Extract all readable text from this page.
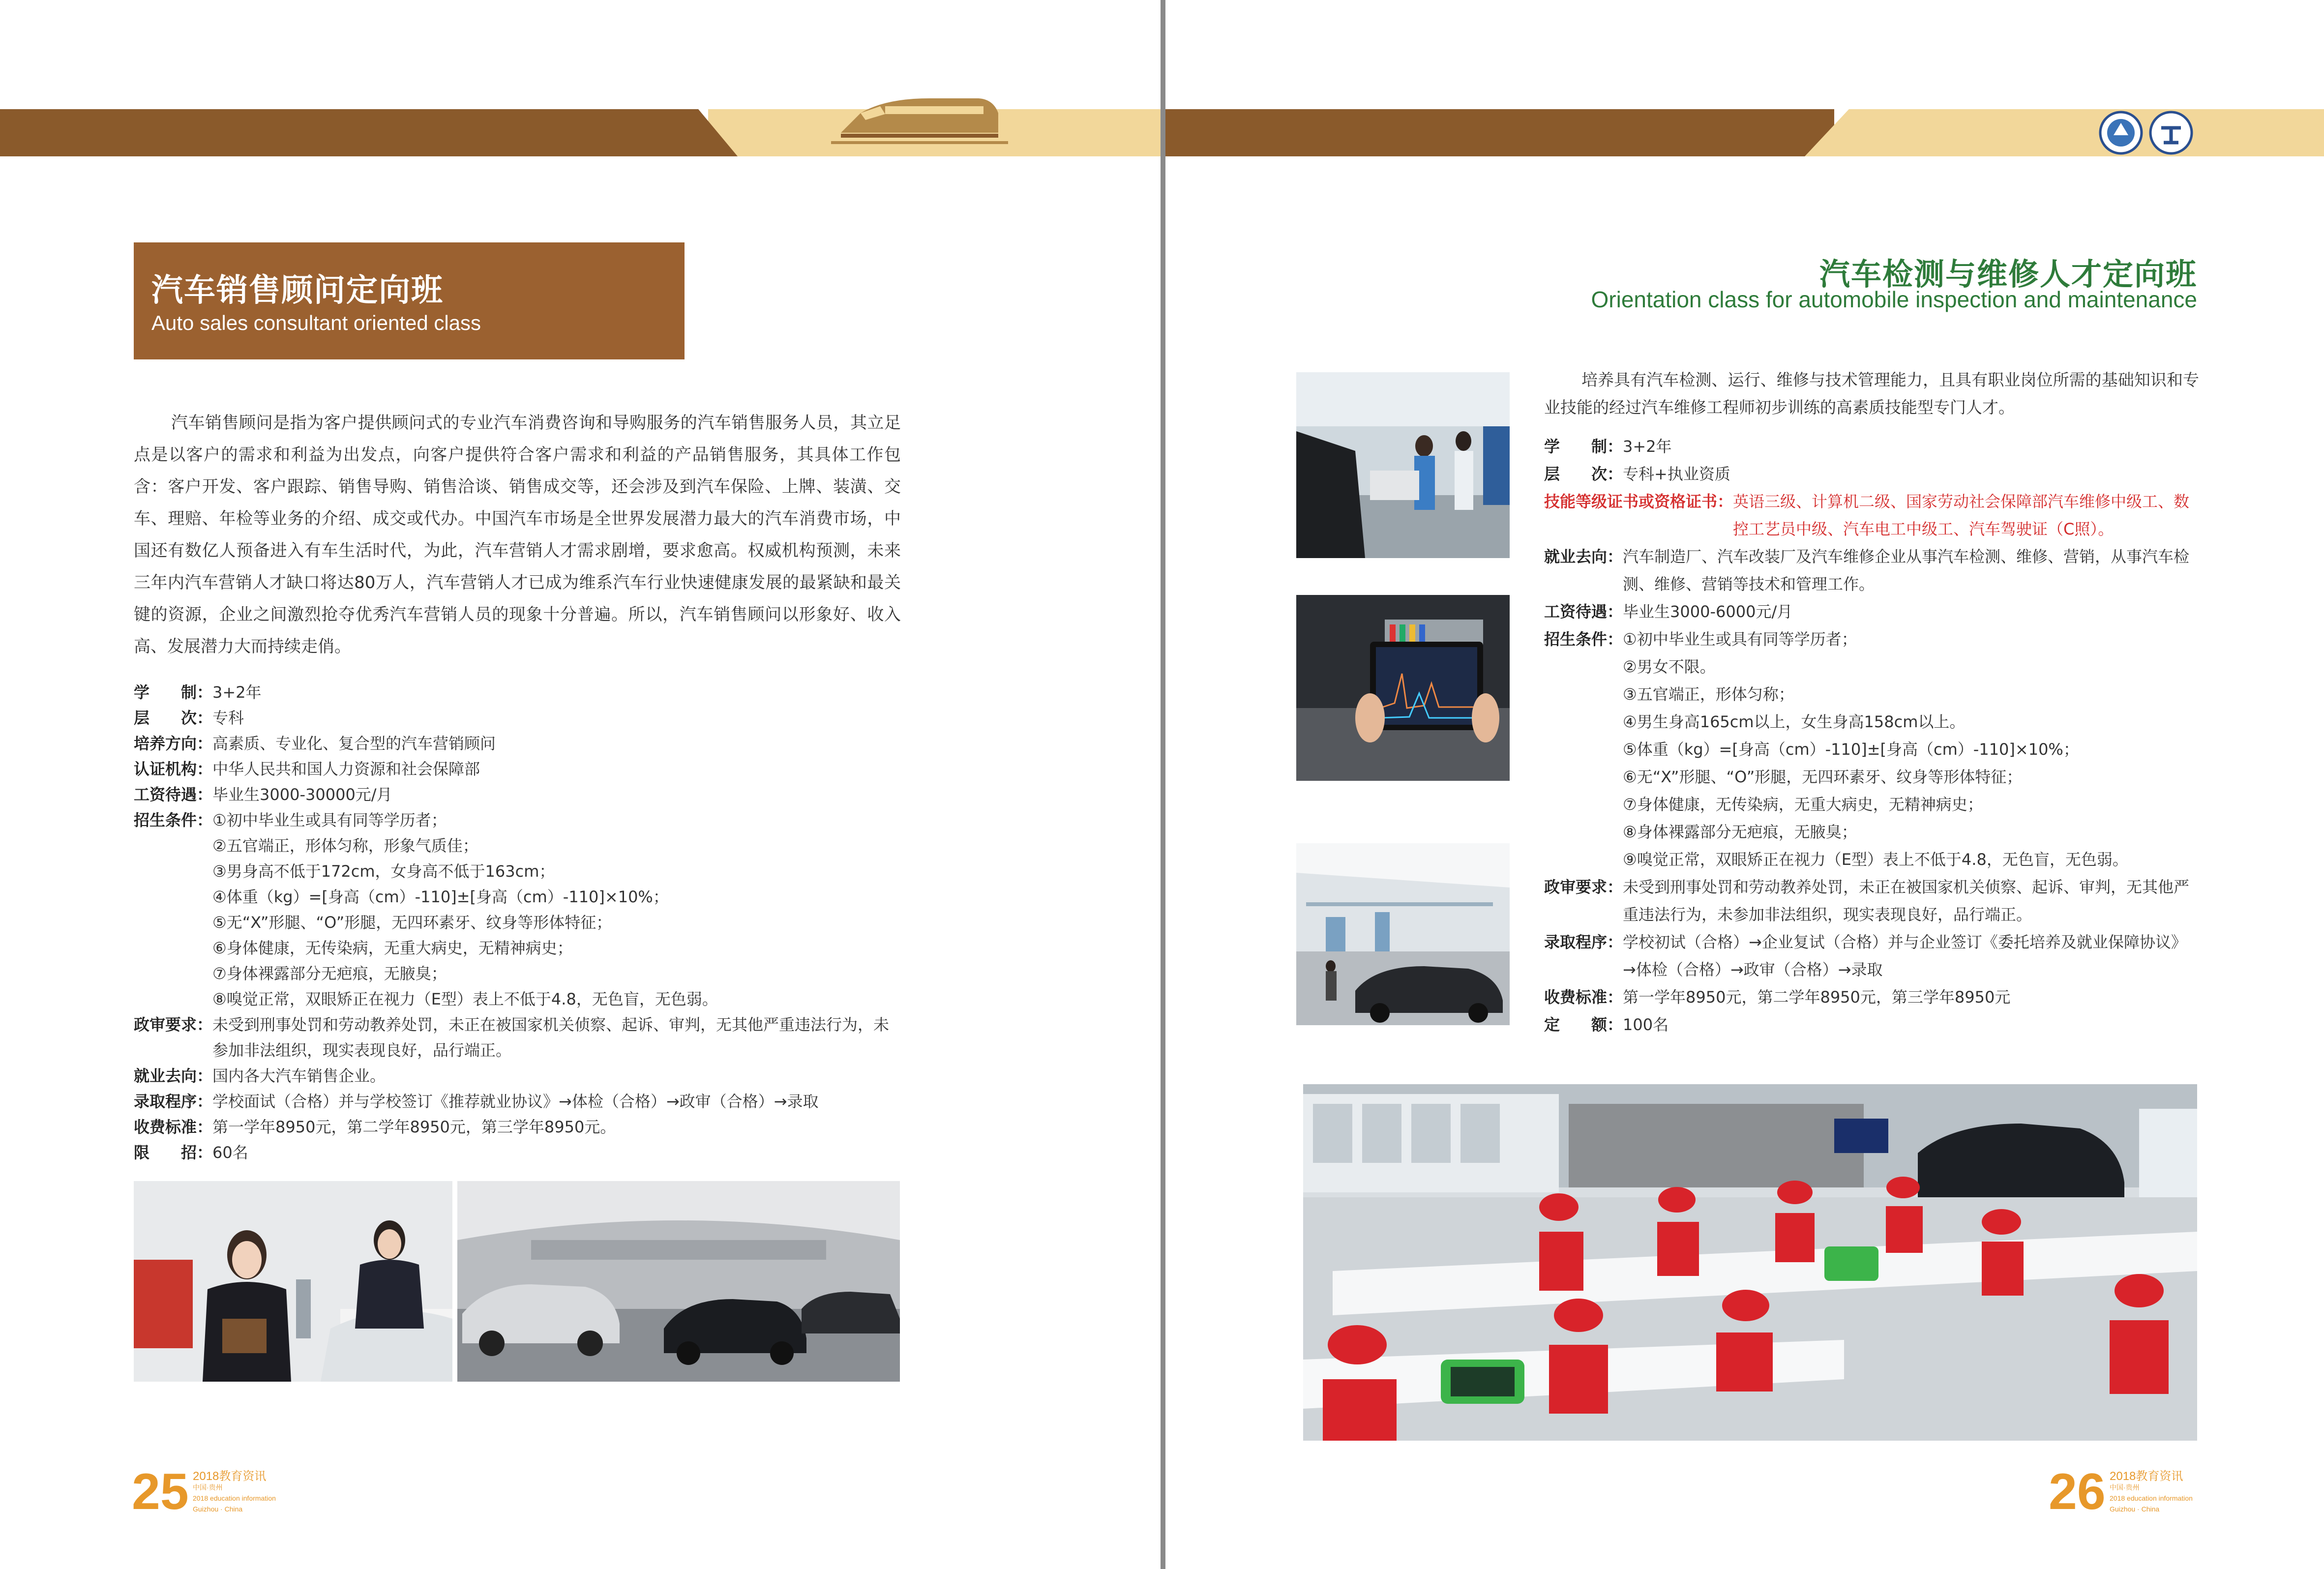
汽车销售顾问定向班
Auto sales consultant oriented class
汽车销售顾问是指为客户提供顾问式的专业汽车消费咨询和导购服务的汽车销售服务人员，其立足点是以客户的需求和利益为出发点，向客户提供符合客户需求和利益的产品销售服务，其具体工作包含：客户开发、客户跟踪、销售导购、销售洽谈、销售成交等，还会涉及到汽车保险、上牌、装潢、交车、理赔、年检等业务的介绍、成交或代办。中国汽车市场是全世界发展潜力最大的汽车消费市场，中国还有数亿人预备进入有车生活时代，为此，汽车营销人才需求剧增，要求愈高。权威机构预测，未来三年内汽车营销人才缺口将达80万人，汽车营销人才已成为维系汽车行业快速健康发展的最紧缺和最关键的资源，企业之间激烈抢夺优秀汽车营销人员的现象十分普遍。所以，汽车销售顾问以形象好、收入高、发展潜力大而持续走俏。
学　　制： 3+2年
层　　次： 专科
培养方向： 高素质、专业化、复合型的汽车营销顾问
认证机构： 中华人民共和国人力资源和社会保障部
工资待遇： 毕业生3000-30000元/月
招生条件： ①初中毕业生或具有同等学历者；
②五官端正，形体匀称，形象气质佳；
③男身高不低于172cm，女身高不低于163cm；
④体重（kg）=[身高（cm）-110]±[身高（cm）-110]×10%；
⑤无“X”形腿、“O”形腿，无四环素牙、纹身等形体特征；
⑥身体健康，无传染病，无重大病史，无精神病史；
⑦身体裸露部分无疤痕，无腋臭；
⑧嗅觉正常，双眼矫正在视力（E型）表上不低于4.8，无色盲，无色弱。
政审要求： 未受到刑事处罚和劳动教养处罚，未正在被国家机关侦察、起诉、审判，无其他严重违法行为，未参加非法组织，现实表现良好，品行端正。
就业去向： 国内各大汽车销售企业。
录取程序： 学校面试（合格）并与学校签订《推荐就业协议》→体检（合格）→政审（合格）→录取
收费标准： 第一学年8950元，第二学年8950元，第三学年8950元。
限　　招： 60名
25 2018教育资讯
中国·贵州
2018 education information
Guizhou · China
汽车检测与维修人才定向班
Orientation class for automobile inspection and maintenance
培养具有汽车检测、运行、维修与技术管理能力，且具有职业岗位所需的基础知识和专业技能的经过汽车维修工程师初步训练的高素质技能型专门人才。
学　　制： 3+2年
层　　次： 专科+执业资质
技能等级证书或资格证书： 英语三级、计算机二级、国家劳动社会保障部汽车维修中级工、数控工艺员中级、汽车电工中级工、汽车驾驶证（C照）。
就业去向： 汽车制造厂、汽车改装厂及汽车维修企业从事汽车检测、维修、营销，从事汽车检测、维修、营销等技术和管理工作。
工资待遇： 毕业生3000-6000元/月
招生条件： ①初中毕业生或具有同等学历者；
②男女不限。
③五官端正，形体匀称；
④男生身高165cm以上，女生身高158cm以上。
⑤体重（kg）=[身高（cm）-110]±[身高（cm）-110]×10%；
⑥无“X”形腿、“O”形腿，无四环素牙、纹身等形体特征；
⑦身体健康，无传染病，无重大病史，无精神病史；
⑧身体裸露部分无疤痕，无腋臭；
⑨嗅觉正常，双眼矫正在视力（E型）表上不低于4.8，无色盲，无色弱。
政审要求： 未受到刑事处罚和劳动教养处罚，未正在被国家机关侦察、起诉、审判，无其他严重违法行为，未参加非法组织，现实表现良好，品行端正。
录取程序： 学校初试（合格）→企业复试（合格）并与企业签订《委托培养及就业保障协议》→体检（合格）→政审（合格）→录取
收费标准： 第一学年8950元，第二学年8950元，第三学年8950元
定　　额： 100名
26 2018教育资讯
中国·贵州
2018 education information
Guizhou · China
